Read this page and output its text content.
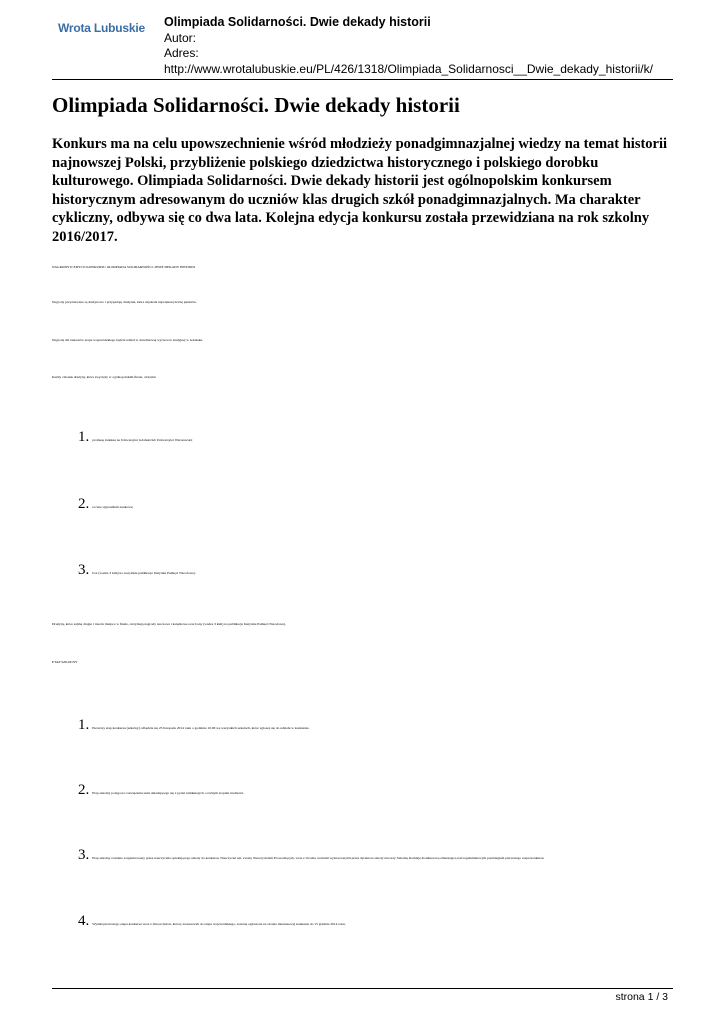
Wrota Lubuskie Olimpiada Solidarności. Dwie dekady historii
Autor:
Adres:
http://www.wrotalubuskie.eu/PL/426/1318/Olimpiada_Solidarnosci__Dwie_dekady_historii/k/
Olimpiada Solidarności. Dwie dekady historii

Konkurs ma na celu upowszechnienie wśród młodzieży ponadgimnazjalnej wiedzy na temat historii najnowszej Polski, przybliżenie polskiego dziedzictwa historycznego i polskiego dorobku kulturowego. Olimpiada Solidarności. Dwie dekady historii jest ogólnopolskim konkursem historycznym adresowanym do uczniów klas drugich szkół ponadgimnazjalnych. Ma charakter cykliczny, odbywa się co dwa lata. Kolejna edycja konkursu została przewidziana na rok szkolny 2016/2017.

NAGRODY II EDYCJI KONKURSU OLIMPIADA SOLIDARNOŚCI. DWIE DEKADY HISTORII

Nagrody przyznawane są drużynowo i przypadają drużynie, która uzyskała największą liczbę punktów.

Nagrodą dla laureatów etapu wojewódzkiego będzie udział w dwudniowej wycieczce studyjnej w Gdańsku.

Każdy członek drużyny, która zwycięży w ogólnopolskim finale, otrzyma:

1. promesę indeksu na Uniwersytet Gdański lub Uniwersytet Warszawski;
2. roczne stypendium naukowe;
3. box (wadze 3 kim) na wszystkie publikacje Instytutu Pamięci Narodowej.

Drużyny, które zajmą drugie i trzecie miejsce w finale, otrzymają nagrody rzeczowe i książkowe oraz bony (wadze 3 kim) na publikacje Instytutu Pamięci Narodowej.

ETAP SZKOLNY

1. Pierwszy etap konkursu (szkolny) odbędzie się 25 listopada 2014 roku o godzinie 10.00 we wszystkich szkołach, które zgłoszą się do udziału w konkursie.
2. Etap szkolny polega na rozwiązaniu testu składającego się z pytań zamkniętych o różnym stopniu trudności.
3. Etap szkolny zostanie zorganizowany przez nauczyciela opiekującego szkoły do konkursu. Nauczyciel ten, zwany Nauczycielem Prowadzącym, wraz z dwoma osobami wyznaczonymi przez dyrektora szkoły utworzy Szkolną Komisję Konkursową zmuszającą nad regulaminowym przebiegiem pierwszego etapu konkursu.
4. Wyniki pierwszego etapu konkursu wraz z listą uczniów, którzy awansowali do etapu wojewódzkiego, zostaną ogłoszone na stronie internetowej konkursu do 15 grudnia 2014 roku.
strona 1 / 3
